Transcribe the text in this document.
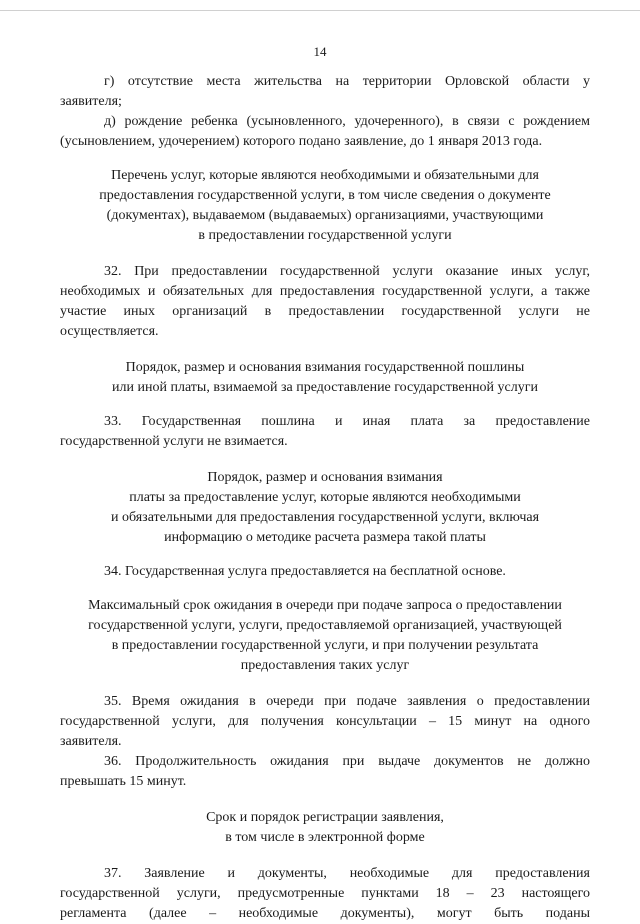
14

г) отсутствие места жительства на территории Орловской области у

заявителя;

д) рождение ребенка (усыновленного, удочеренного), в связи с рождением

(усыновлением, удочерением) которого подано заявление, до 1 января 2013 года.

Перечень услуг, которые являются необходимыми и обязательными для

предоставления государственной услуги, в том числе сведения о документе

(документах), выдаваемом (выдаваемых) организациями, участвующими

в предоставлении государственной услуги

32. При предоставлении государственной услуги оказание иных услуг,

необходимых и обязательных для предоставления государственной услуги, а также

участие иных организаций в предоставлении государственной услуги не

осуществляется.

Порядок, размер и основания взимания государственной пошлины

или иной платы, взимаемой за предоставление государственной услуги

33. Государственная пошлина и иная плата за предоставление

государственной услуги не взимается.

Порядок, размер и основания взимания

платы за предоставление услуг, которые являются необходимыми

и обязательными для предоставления государственной услуги, включая

информацию о методике расчета размера такой платы

34. Государственная услуга предоставляется на бесплатной основе.

Максимальный срок ожидания в очереди при подаче запроса о предоставлении

государственной услуги, услуги, предоставляемой организацией, участвующей

в предоставлении государственной услуги, и при получении результата

предоставления таких услуг

35. Время ожидания в очереди при подаче заявления о предоставлении

государственной услуги, для получения консультации – 15 минут на одного

заявителя.

36. Продолжительность ожидания при выдаче документов не должно

превышать 15 минут.

Срок и порядок регистрации заявления,

в том числе в электронной форме

37. Заявление и документы, необходимые для предоставления

государственной услуги, предусмотренные пунктами 18 – 23 настоящего

регламента (далее – необходимые документы), могут быть поданы
